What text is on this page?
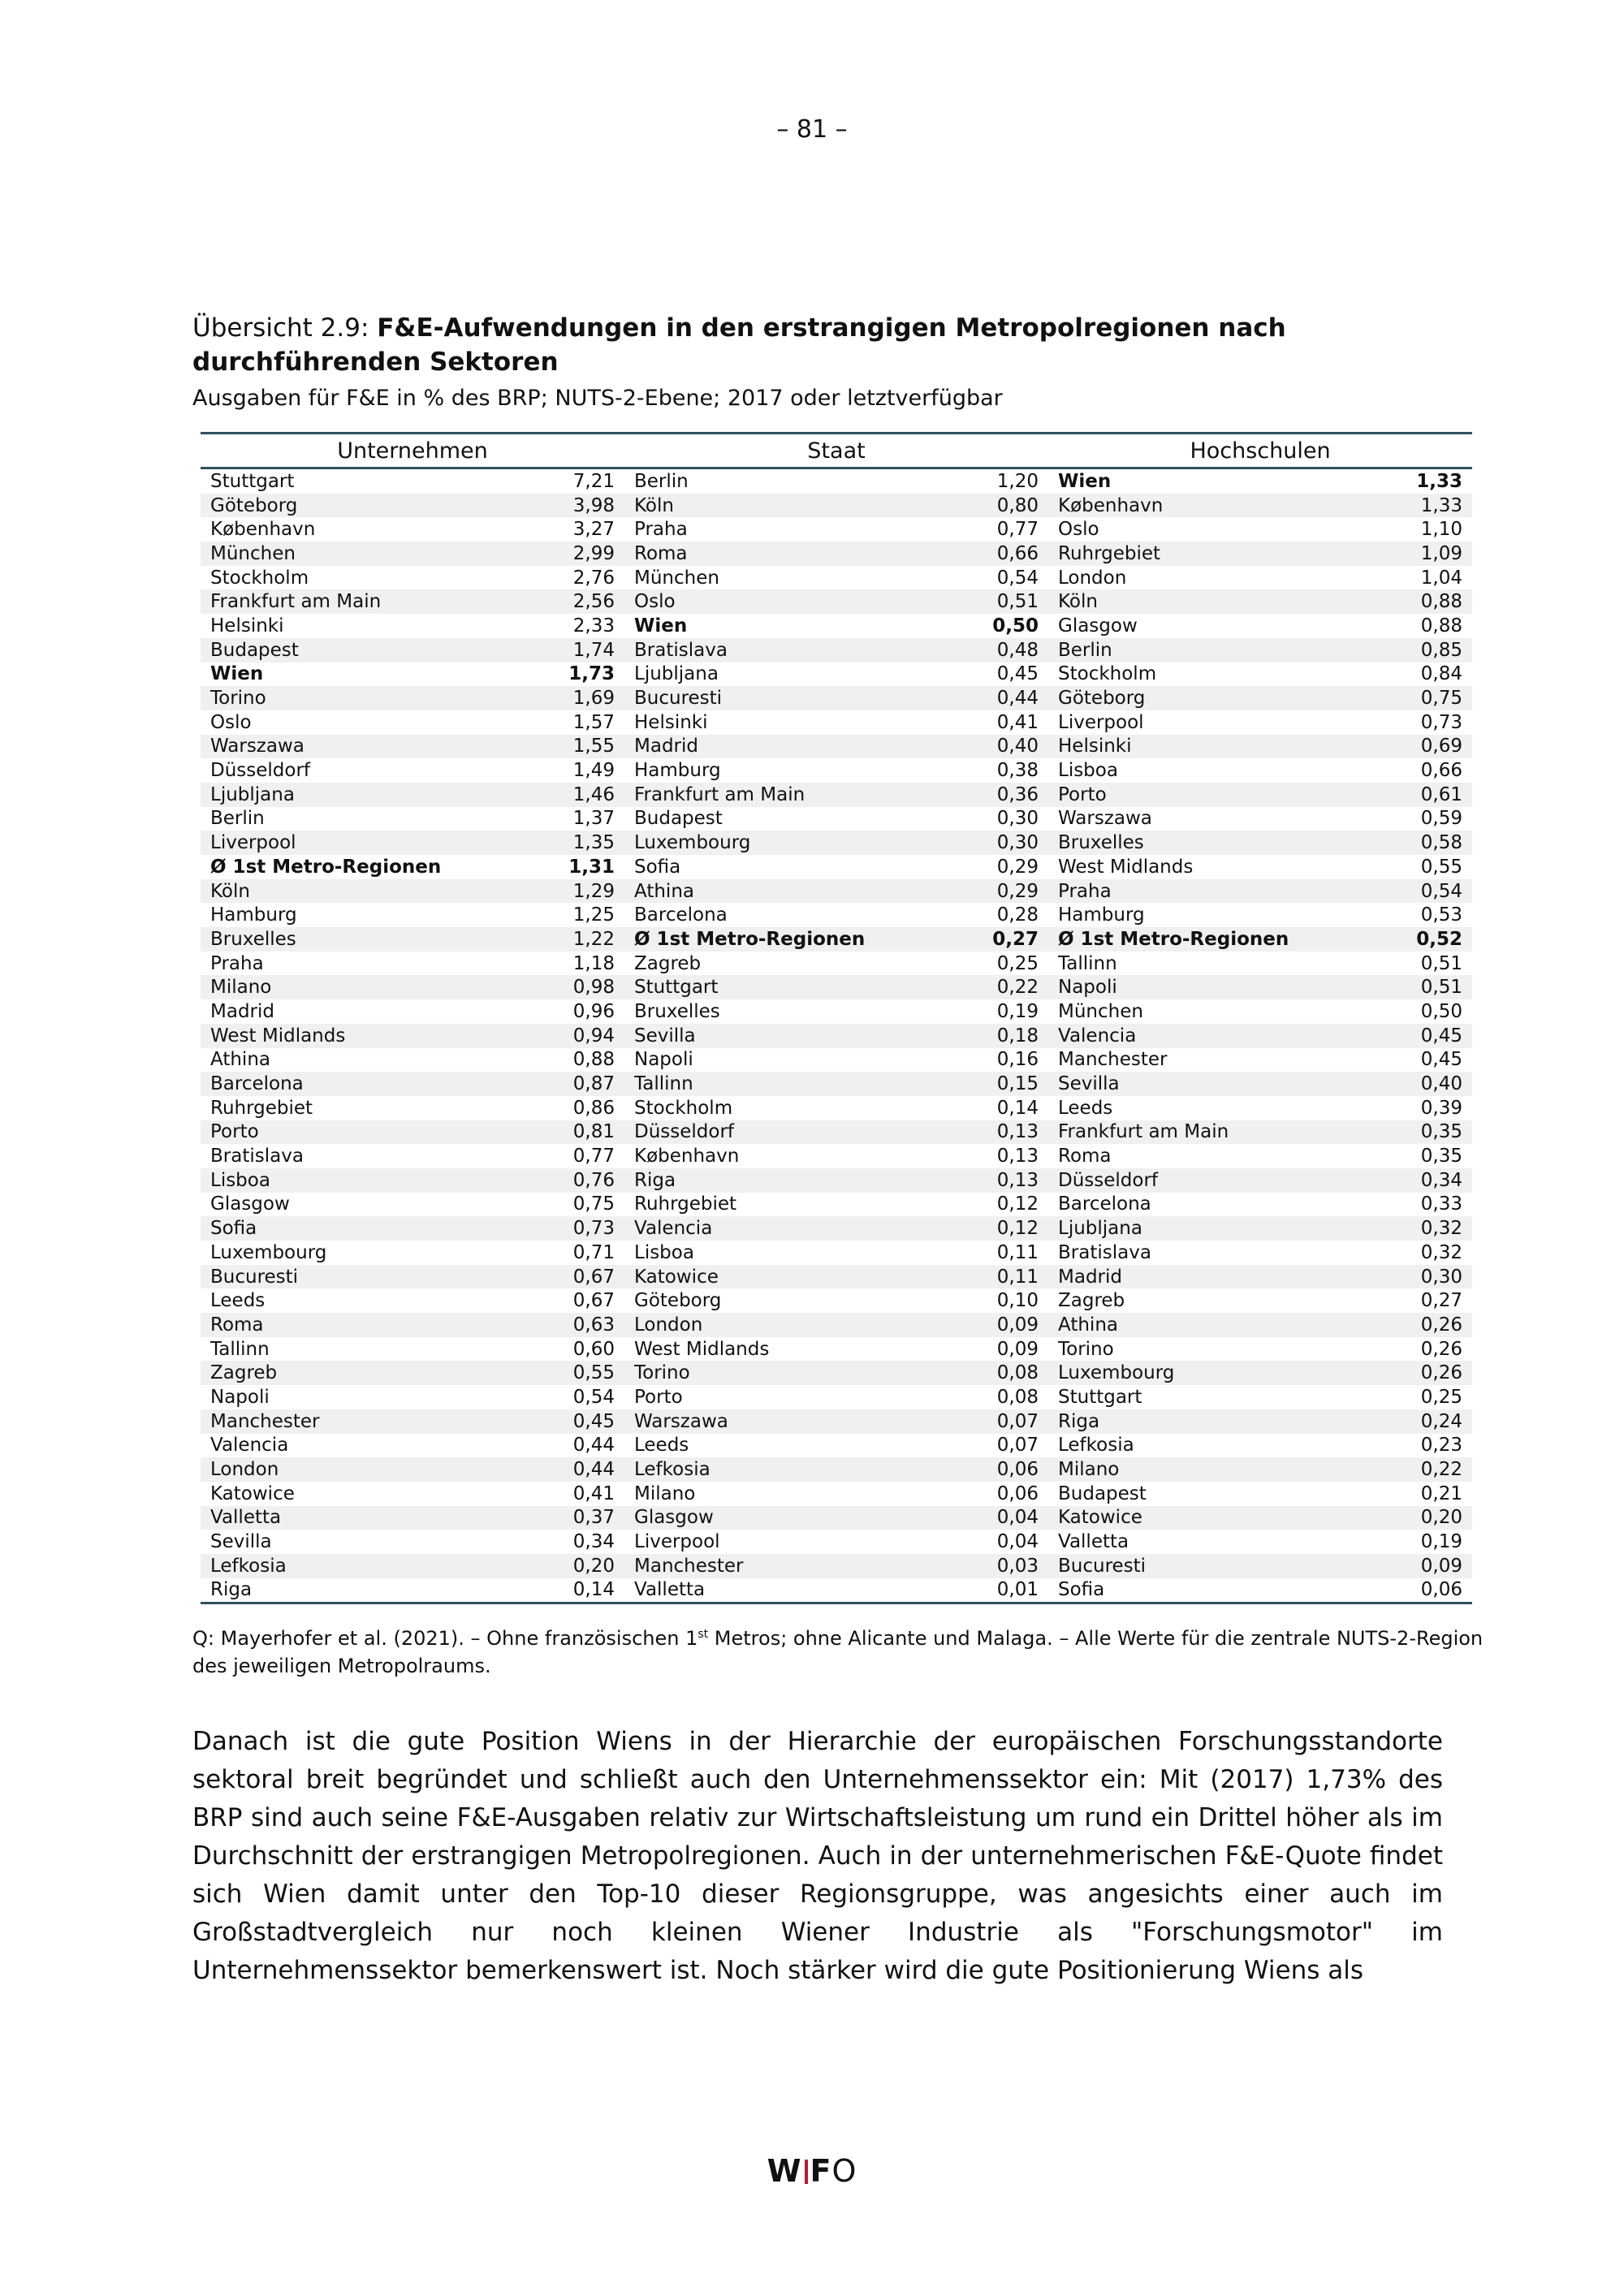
– 81 –
Übersicht 2.9: F&E-Aufwendungen in den erstrangigen Metropolregionen nach durchführenden Sektoren
Ausgaben für F&E in % des BRP; NUTS-2-Ebene; 2017 oder letztverfügbar
Unternehmen		Staat		Hochschulen	
Stuttgart	7,21	Berlin	1,20	Wien	1,33
Göteborg	3,98	Köln	0,80	København	1,33
København	3,27	Praha	0,77	Oslo	1,10
München	2,99	Roma	0,66	Ruhrgebiet	1,09
Stockholm	2,76	München	0,54	London	1,04
Frankfurt am Main	2,56	Oslo	0,51	Köln	0,88
Helsinki	2,33	Wien	0,50	Glasgow	0,88
Budapest	1,74	Bratislava	0,48	Berlin	0,85
Wien	1,73	Ljubljana	0,45	Stockholm	0,84
Torino	1,69	Bucuresti	0,44	Göteborg	0,75
Oslo	1,57	Helsinki	0,41	Liverpool	0,73
Warszawa	1,55	Madrid	0,40	Helsinki	0,69
Düsseldorf	1,49	Hamburg	0,38	Lisboa	0,66
Ljubljana	1,46	Frankfurt am Main	0,36	Porto	0,61
Berlin	1,37	Budapest	0,30	Warszawa	0,59
Liverpool	1,35	Luxembourg	0,30	Bruxelles	0,58
Ø 1st Metro-Regionen	1,31	Sofia	0,29	West Midlands	0,55
Köln	1,29	Athina	0,29	Praha	0,54
Hamburg	1,25	Barcelona	0,28	Hamburg	0,53
Bruxelles	1,22	Ø 1st Metro-Regionen	0,27	Ø 1st Metro-Regionen	0,52
Praha	1,18	Zagreb	0,25	Tallinn	0,51
Milano	0,98	Stuttgart	0,22	Napoli	0,51
Madrid	0,96	Bruxelles	0,19	München	0,50
West Midlands	0,94	Sevilla	0,18	Valencia	0,45
Athina	0,88	Napoli	0,16	Manchester	0,45
Barcelona	0,87	Tallinn	0,15	Sevilla	0,40
Ruhrgebiet	0,86	Stockholm	0,14	Leeds	0,39
Porto	0,81	Düsseldorf	0,13	Frankfurt am Main	0,35
Bratislava	0,77	København	0,13	Roma	0,35
Lisboa	0,76	Riga	0,13	Düsseldorf	0,34
Glasgow	0,75	Ruhrgebiet	0,12	Barcelona	0,33
Sofia	0,73	Valencia	0,12	Ljubljana	0,32
Luxembourg	0,71	Lisboa	0,11	Bratislava	0,32
Bucuresti	0,67	Katowice	0,11	Madrid	0,30
Leeds	0,67	Göteborg	0,10	Zagreb	0,27
Roma	0,63	London	0,09	Athina	0,26
Tallinn	0,60	West Midlands	0,09	Torino	0,26
Zagreb	0,55	Torino	0,08	Luxembourg	0,26
Napoli	0,54	Porto	0,08	Stuttgart	0,25
Manchester	0,45	Warszawa	0,07	Riga	0,24
Valencia	0,44	Leeds	0,07	Lefkosia	0,23
London	0,44	Lefkosia	0,06	Milano	0,22
Katowice	0,41	Milano	0,06	Budapest	0,21
Valletta	0,37	Glasgow	0,04	Katowice	0,20
Sevilla	0,34	Liverpool	0,04	Valletta	0,19
Lefkosia	0,20	Manchester	0,03	Bucuresti	0,09
Riga	0,14	Valletta	0,01	Sofia	0,06
Q: Mayerhofer et al. (2021). – Ohne französischen 1st Metros; ohne Alicante und Malaga. – Alle Werte für die zentrale NUTS-2-Region des jeweiligen Metropolraums.
Danach ist die gute Position Wiens in der Hierarchie der europäischen Forschungsstandorte sektoral breit begründet und schließt auch den Unternehmenssektor ein: Mit (2017) 1,73% des BRP sind auch seine F&E-Ausgaben relativ zur Wirtschaftsleistung um rund ein Drittel höher als im Durchschnitt der erstrangigen Metropolregionen. Auch in der unternehmerischen F&E-Quote findet sich Wien damit unter den Top-10 dieser Regionsgruppe, was angesichts einer auch im Großstadtvergleich nur noch kleinen Wiener Industrie als "Forschungsmotor" im Unternehmenssektor bemerkenswert ist. Noch stärker wird die gute Positionierung Wiens als
W FO
